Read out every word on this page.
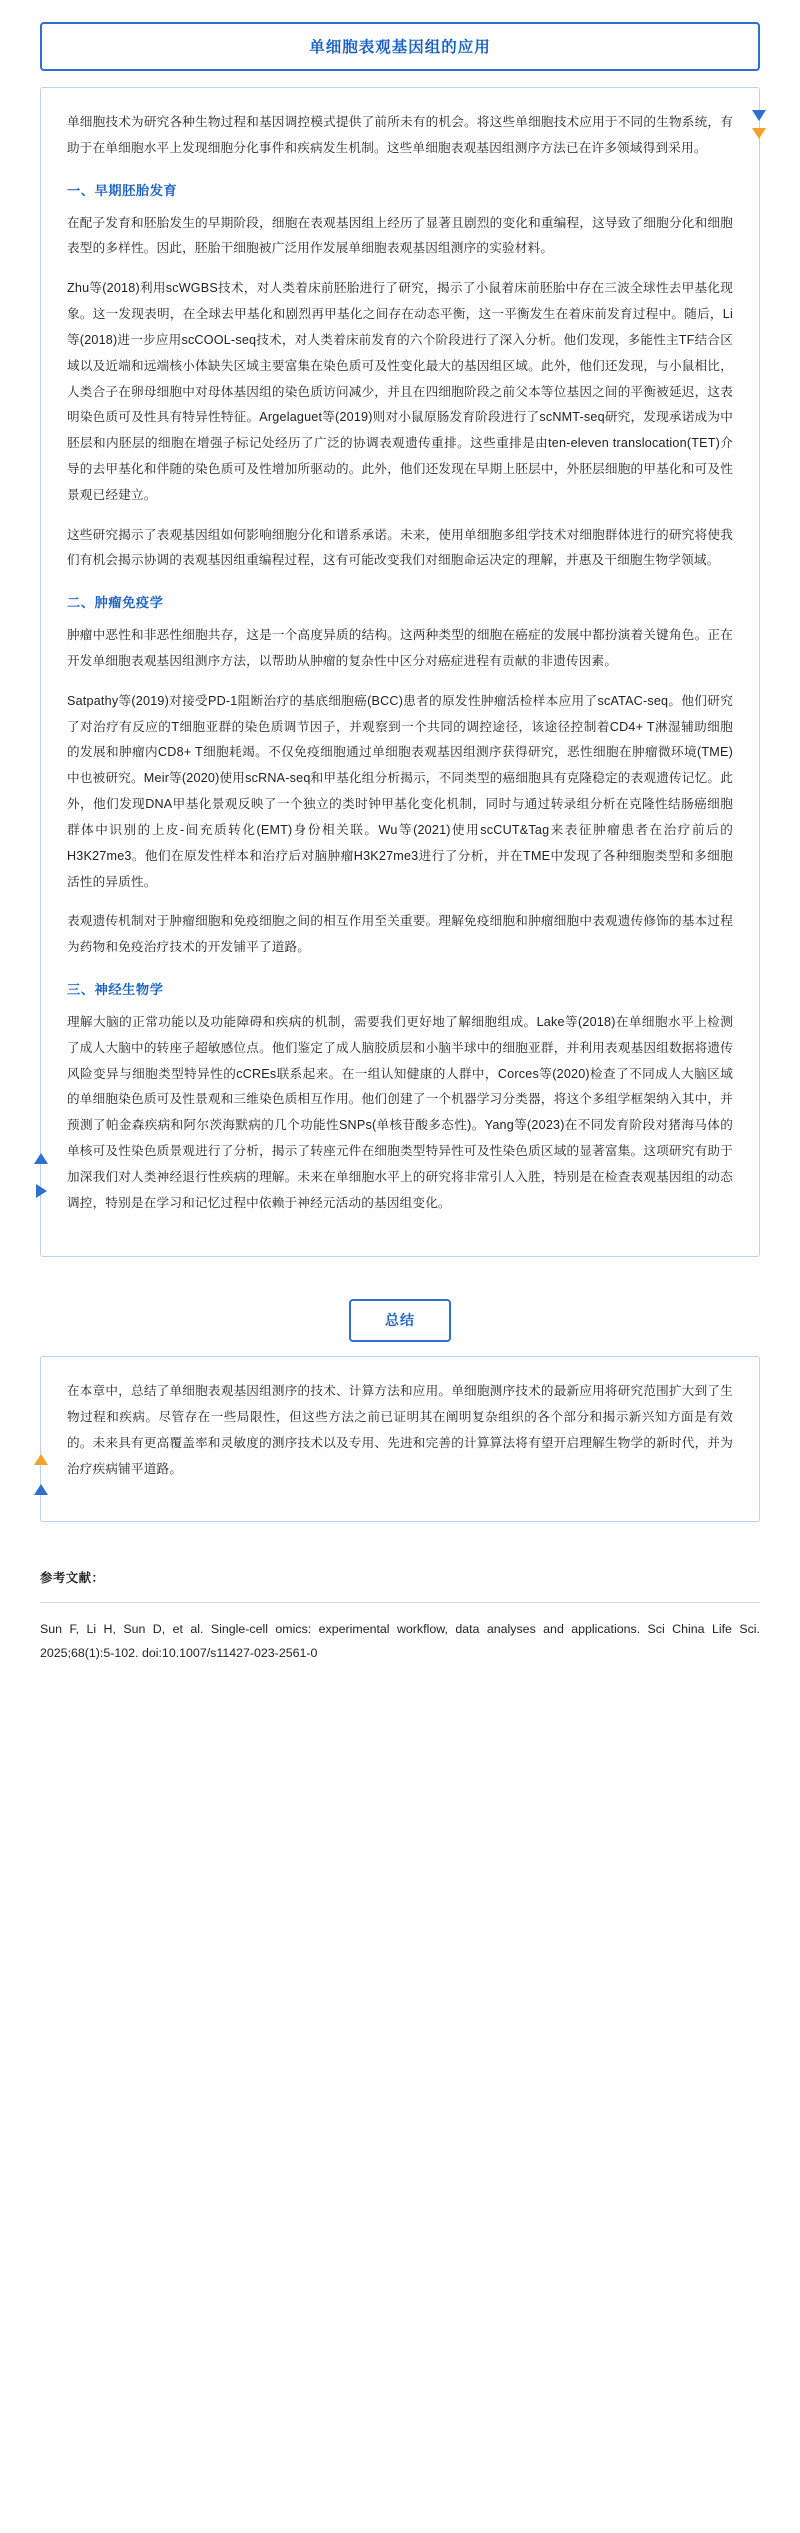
单细胞表观基因组的应用

单细胞技术为研究各种生物过程和基因调控模式提供了前所未有的机会。将这些单细胞技术应用于不同的生物系统，有助于在单细胞水平上发现细胞分化事件和疾病发生机制。这些单细胞表观基因组测序方法已在许多领域得到采用。

一、早期胚胎发育

在配子发育和胚胎发生的早期阶段，细胞在表观基因组上经历了显著且剧烈的变化和重编程，这导致了细胞分化和细胞表型的多样性。因此，胚胎干细胞被广泛用作发展单细胞表观基因组测序的实验材料。

Zhu等(2018)利用scWGBS技术，对人类着床前胚胎进行了研究，揭示了小鼠着床前胚胎中存在三波全球性去甲基化现象。这一发现表明，在全球去甲基化和剧烈再甲基化之间存在动态平衡，这一平衡发生在着床前发育过程中。随后，Li等(2018)进一步应用scCOOL-seq技术，对人类着床前发育的六个阶段进行了深入分析。他们发现，多能性主TF结合区域以及近端和远端核小体缺失区域主要富集在染色质可及性变化最大的基因组区域。此外，他们还发现，与小鼠相比，人类合子在卵母细胞中对母体基因组的染色质访问减少，并且在四细胞阶段之前父本等位基因之间的平衡被延迟，这表明染色质可及性具有特异性特征。Argelaguet等(2019)则对小鼠原肠发育阶段进行了scNMT-seq研究，发现承诺成为中胚层和内胚层的细胞在增强子标记处经历了广泛的协调表观遗传重排。这些重排是由ten-eleven translocation(TET)介导的去甲基化和伴随的染色质可及性增加所驱动的。此外，他们还发现在早期上胚层中，外胚层细胞的甲基化和可及性景观已经建立。

这些研究揭示了表观基因组如何影响细胞分化和谱系承诺。未来，使用单细胞多组学技术对细胞群体进行的研究将使我们有机会揭示协调的表观基因组重编程过程，这有可能改变我们对细胞命运决定的理解，并惠及干细胞生物学领域。

二、肿瘤免疫学

肿瘤中恶性和非恶性细胞共存，这是一个高度异质的结构。这两种类型的细胞在癌症的发展中都扮演着关键角色。正在开发单细胞表观基因组测序方法，以帮助从肿瘤的复杂性中区分对癌症进程有贡献的非遗传因素。

Satpathy等(2019)对接受PD-1阻断治疗的基底细胞癌(BCC)患者的原发性肿瘤活检样本应用了scATAC-seq。他们研究了对治疗有反应的T细胞亚群的染色质调节因子，并观察到一个共同的调控途径，该途径控制着CD4+ T淋湿辅助细胞的发展和肿瘤内CD8+ T细胞耗竭。不仅免疫细胞通过单细胞表观基因组测序获得研究，恶性细胞在肿瘤微环境(TME)中也被研究。Meir等(2020)使用scRNA-seq和甲基化组分析揭示，不同类型的癌细胞具有克隆稳定的表观遗传记忆。此外，他们发现DNA甲基化景观反映了一个独立的类时钟甲基化变化机制，同时与通过转录组分析在克隆性结肠癌细胞群体中识别的上皮-间充质转化(EMT)身份相关联。Wu等(2021)使用scCUT&Tag来表征肿瘤患者在治疗前后的H3K27me3。他们在原发性样本和治疗后对脑肿瘤H3K27me3进行了分析，并在TME中发现了各种细胞类型和多细胞活性的异质性。

表观遗传机制对于肿瘤细胞和免疫细胞之间的相互作用至关重要。理解免疫细胞和肿瘤细胞中表观遗传修饰的基本过程为药物和免疫治疗技术的开发铺平了道路。

三、神经生物学

理解大脑的正常功能以及功能障碍和疾病的机制，需要我们更好地了解细胞组成。Lake等(2018)在单细胞水平上检测了成人大脑中的转座子超敏感位点。他们鉴定了成人脑胶质层和小脑半球中的细胞亚群，并利用表观基因组数据将遗传风险变异与细胞类型特异性的cCREs联系起来。在一组认知健康的人群中，Corces等(2020)检查了不同成人大脑区域的单细胞染色质可及性景观和三维染色质相互作用。他们创建了一个机器学习分类器，将这个多组学框架纳入其中，并预测了帕金森疾病和阿尔茨海默病的几个功能性SNPs(单核苷酸多态性)。Yang等(2023)在不同发育阶段对猪海马体的单核可及性染色质景观进行了分析，揭示了转座元件在细胞类型特异性可及性染色质区域的显著富集。这项研究有助于加深我们对人类神经退行性疾病的理解。未来在单细胞水平上的研究将非常引人入胜，特别是在检查表观基因组的动态调控，特别是在学习和记忆过程中依赖于神经元活动的基因组变化。

总结

在本章中，总结了单细胞表观基因组测序的技术、计算方法和应用。单细胞测序技术的最新应用将研究范围扩大到了生物过程和疾病。尽管存在一些局限性，但这些方法之前已证明其在阐明复杂组织的各个部分和揭示新兴知方面是有效的。未来具有更高覆盖率和灵敏度的测序技术以及专用、先进和完善的计算算法将有望开启理解生物学的新时代，并为治疗疾病铺平道路。

参考文献：
Sun F, Li H, Sun D, et al. Single-cell omics: experimental workflow, data analyses and applications. Sci China Life Sci. 2025;68(1):5-102. doi:10.1007/s11427-023-2561-0
